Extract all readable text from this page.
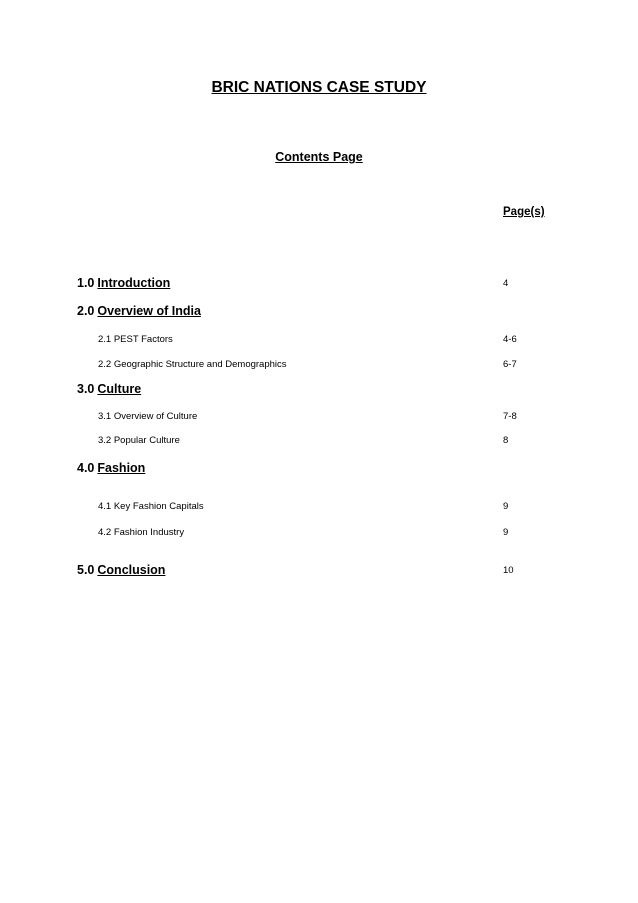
BRIC NATIONS CASE STUDY
Contents Page
Page(s)
1.0 Introduction	4
2.0 Overview of India
2.1 PEST Factors	4-6
2.2 Geographic Structure and Demographics	6-7
3.0 Culture
3.1 Overview of Culture	7-8
3.2 Popular Culture	8
4.0 Fashion
4.1 Key Fashion Capitals	9
4.2 Fashion Industry	9
5.0 Conclusion	10
